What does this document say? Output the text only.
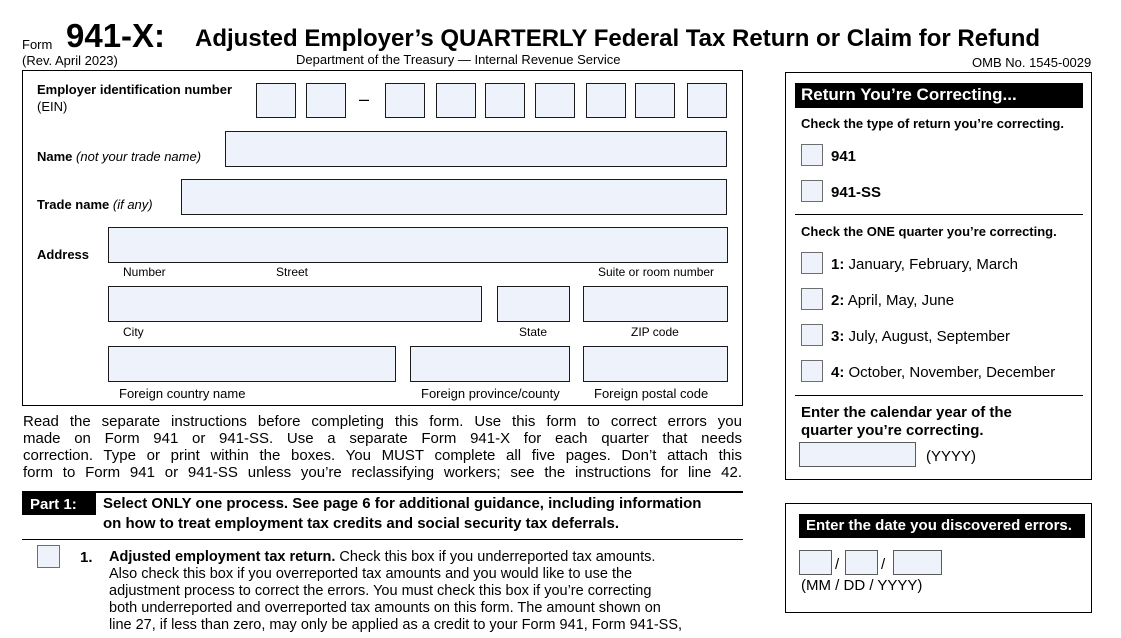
Form 941-X: Adjusted Employer’s QUARTERLY Federal Tax Return or Claim for Refund
(Rev. April 2023)	Department of the Treasury — Internal Revenue Service	OMB No. 1545-0029
Employer identification number
(EIN)	–
Name (not your trade name)
Trade name (if any)
Address
Number	Street	Suite or room number
City	State	ZIP code
Foreign country name	Foreign province/county	Foreign postal code
Read the separate instructions before completing this form. Use this form to correct errors you
made on Form 941 or 941-SS. Use a separate Form 941-X for each quarter that needs
correction. Type or print within the boxes. You MUST complete all five pages. Don’t attach this
form to Form 941 or 941-SS unless you’re reclassifying workers; see the instructions for line 42.
Part 1:	Select ONLY one process. See page 6 for additional guidance, including information
on how to treat employment tax credits and social security tax deferrals.
1. Adjusted employment tax return. Check this box if you underreported tax amounts.
Also check this box if you overreported tax amounts and you would like to use the
adjustment process to correct the errors. You must check this box if you’re correcting
both underreported and overreported tax amounts on this form. The amount shown on
line 27, if less than zero, may only be applied as a credit to your Form 941, Form 941-SS,
Return You’re Correcting...
Check the type of return you’re correcting.
941
941-SS
Check the ONE quarter you’re correcting.
1: January, February, March
2: April, May, June
3: July, August, September
4: October, November, December
Enter the calendar year of the
quarter you’re correcting.
(YYYY)
Enter the date you discovered errors.
/	/
(MM / DD / YYYY)
